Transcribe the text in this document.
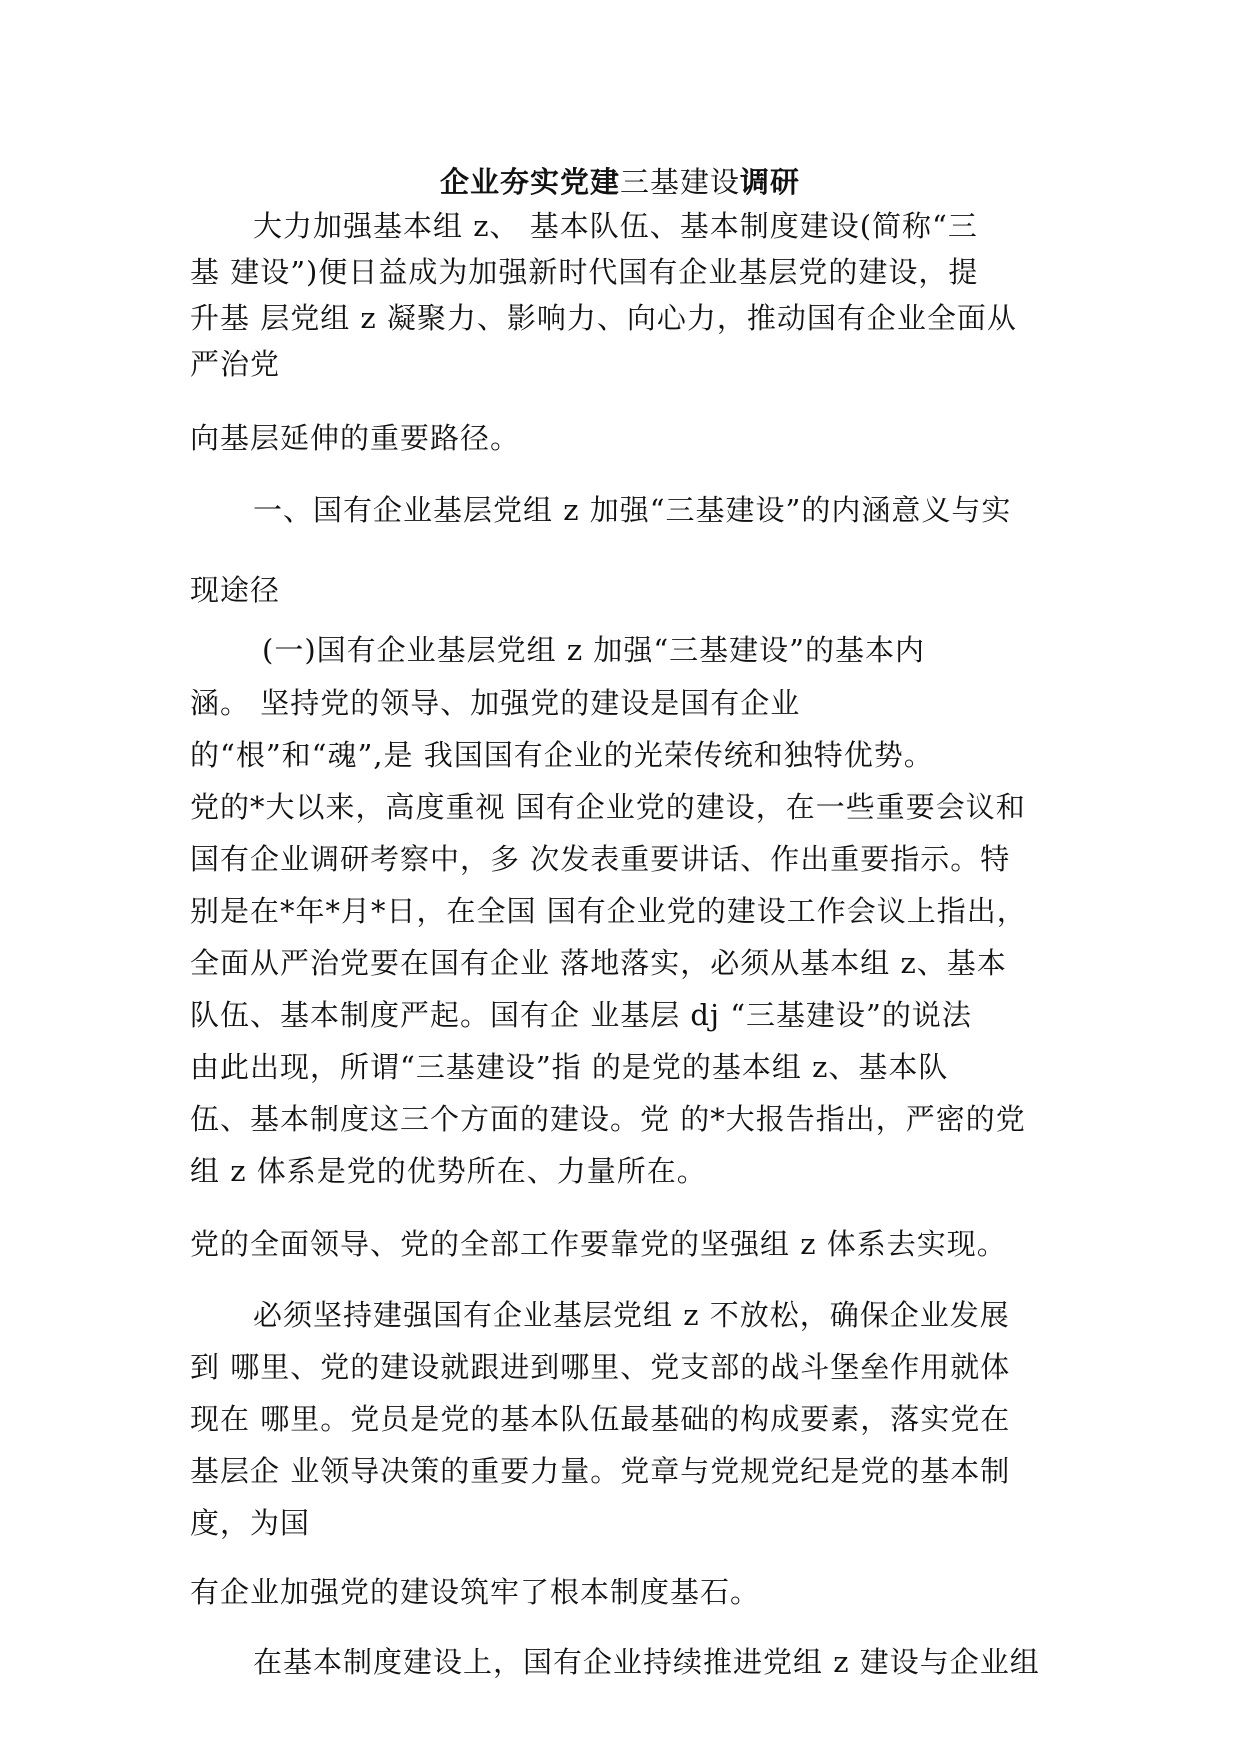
企业夯实党建三基建设调研
大力加强基本组 z、 基本队伍、基本制度建设(简称“三
基 建设”)便日益成为加强新时代国有企业基层党的建设，提
升基 层党组 z 凝聚力、影响力、向心力，推动国有企业全面从
严治党
向基层延伸的重要路径。
一、国有企业基层党组 z 加强“三基建设”的内涵意义与实
现途径
(一)国有企业基层党组 z 加强“三基建设”的基本内
涵。 坚持党的领导、加强党的建设是国有企业
的“根”和“魂”,是 我国国有企业的光荣传统和独特优势。
党的*大以来，高度重视 国有企业党的建设，在一些重要会议和
国有企业调研考察中，多 次发表重要讲话、作出重要指示。特
别是在*年*月*日，在全国 国有企业党的建设工作会议上指出，
全面从严治党要在国有企业 落地落实，必须从基本组 z、基本
队伍、基本制度严起。国有企 业基层 dj “三基建设”的说法
由此出现，所谓“三基建设”指 的是党的基本组 z、基本队
伍、基本制度这三个方面的建设。党 的*大报告指出，严密的党
组 z 体系是党的优势所在、力量所在。
党的全面领导、党的全部工作要靠党的坚强组 z 体系去实现。
必须坚持建强国有企业基层党组 z 不放松，确保企业发展
到 哪里、党的建设就跟进到哪里、党支部的战斗堡垒作用就体
现在 哪里。党员是党的基本队伍最基础的构成要素，落实党在
基层企 业领导决策的重要力量。党章与党规党纪是党的基本制
度，为国
有企业加强党的建设筑牢了根本制度基石。
在基本制度建设上，国有企业持续推进党组 z 建设与企业组
